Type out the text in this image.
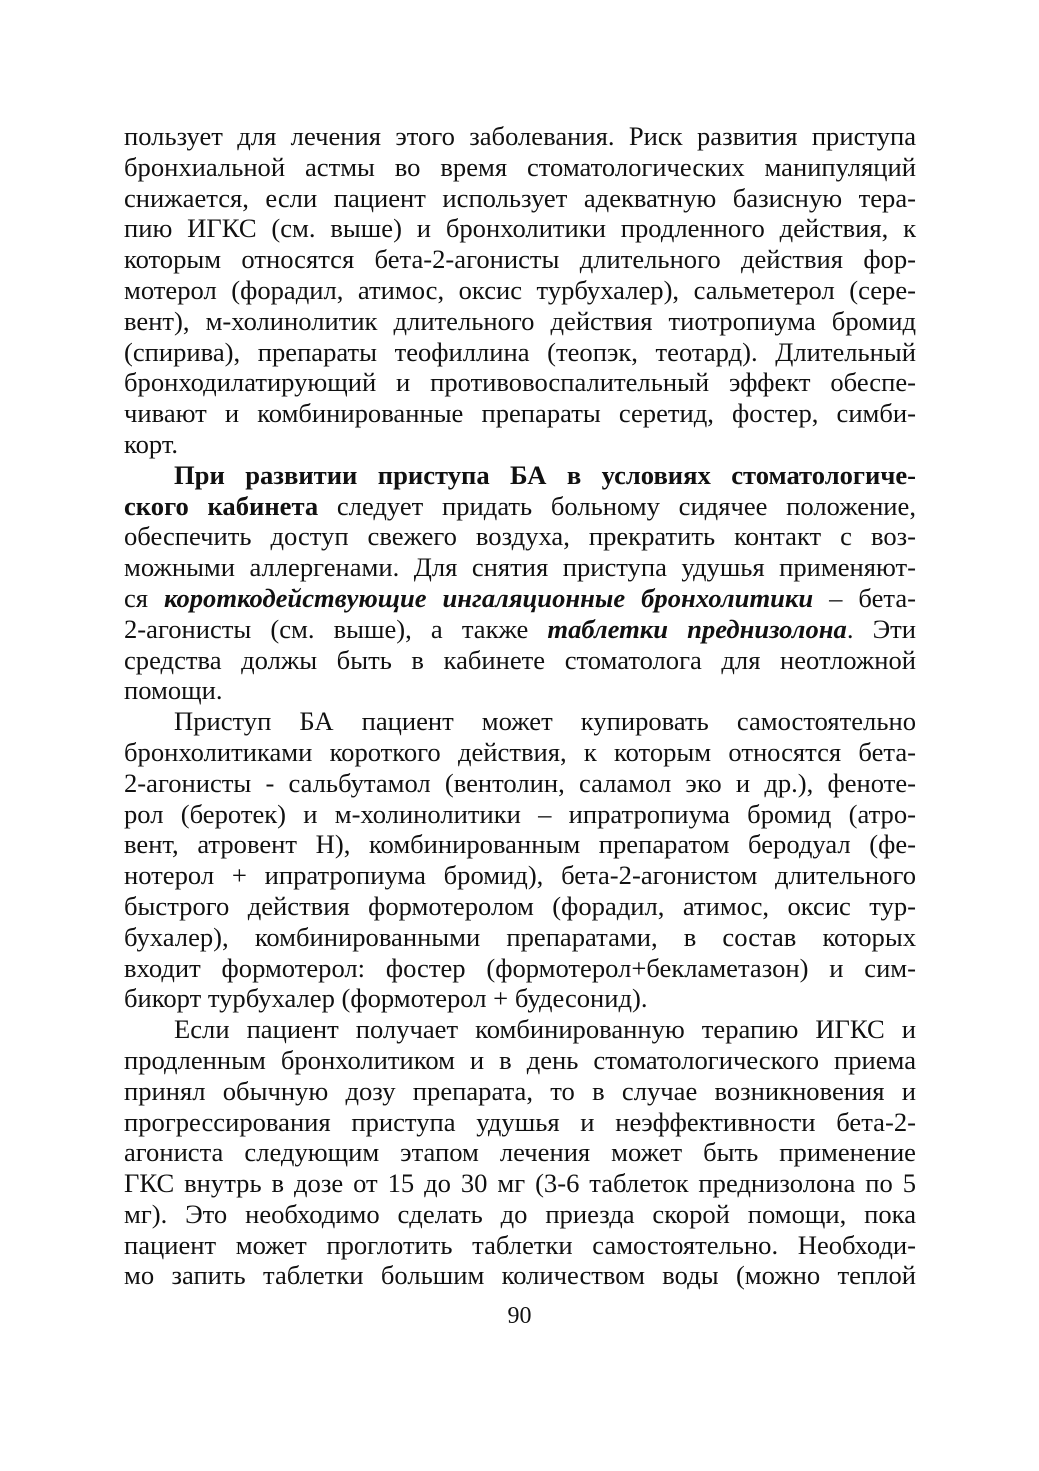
пользует для лечения этого заболевания. Риск развития приступа
бронхиальной астмы во время стоматологических манипуляций
снижается, если пациент использует адекватную базисную тера-
пию ИГКС (см. выше) и бронхолитики продленного действия, к
которым относятся бета-2-агонисты длительного действия фор-
мотерол (форадил, атимос, оксис турбухалер), сальметерол (сере-
вент), м-холинолитик длительного действия тиотропиума бромид
(спирива), препараты теофиллина (теопэк, теотард). Длительный
бронходилатирующий и противовоспалительный эффект обеспе-
чивают и комбинированные препараты серетид, фостер, симби-
корт.
При развитии приступа БА в условиях стоматологиче-
ского кабинета следует придать больному сидячее положение,
обеспечить доступ свежего воздуха, прекратить контакт с воз-
можными аллергенами. Для снятия приступа удушья применяют-
ся короткодействующие ингаляционные бронхолитики – бета-
2-агонисты (см. выше), а также таблетки преднизолона. Эти
средства должы быть в кабинете стоматолога для неотложной
помощи.
Приступ БА пациент может купировать самостоятельно
бронхолитиками короткого действия, к которым относятся бета-
2-агонисты - сальбутамол (вентолин, саламол эко и др.), феноте-
рол (беротек) и м-холинолитики – ипратропиума бромид (атро-
вент, атровент Н), комбинированным препаратом беродуал (фе-
нотерол + ипратропиума бромид), бета-2-агонистом длительного
быстрого действия формотеролом (форадил, атимос, оксис тур-
бухалер), комбинированными препаратами, в состав которых
входит формотерол: фостер (формотерол+бекламетазон) и сим-
бикорт турбухалер (формотерол + будесонид).
Если пациент получает комбинированную терапию ИГКС и
продленным бронхолитиком и в день стоматологического приема
принял обычную дозу препарата, то в случае возникновения и
прогрессирования приступа удушья и неэффективности бета-2-
агониста следующим этапом лечения может быть применение
ГКС внутрь в дозе от 15 до 30 мг (3-6 таблеток преднизолона по 5
мг). Это необходимо сделать до приезда скорой помощи, пока
пациент может проглотить таблетки самостоятельно. Необходи-
мо запить таблетки большим количеством воды (можно теплой
90
